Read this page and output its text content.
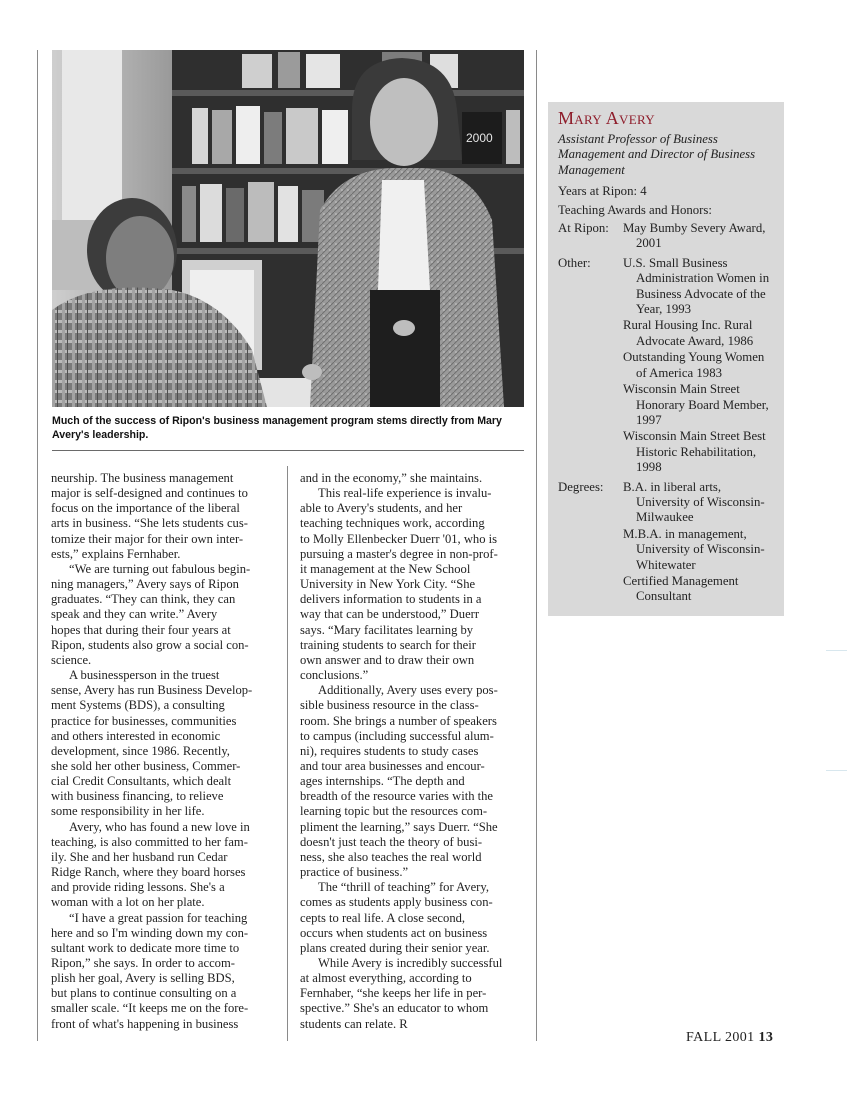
2000
Much of the success of Ripon's business management program stems directly from Mary Avery's leadership.
neurship. The business management
major is self-designed and continues to
focus on the importance of the liberal
arts in business. “She lets students cus-
tomize their major for their own inter-
ests,” explains Fernhaber.
“We are turning out fabulous begin-
ning managers,” Avery says of Ripon
graduates. “They can think, they can
speak and they can write.” Avery
hopes that during their four years at
Ripon, students also grow a social con-
science.
A businessperson in the truest
sense, Avery has run Business Develop-
ment Systems (BDS), a consulting
practice for businesses, communities
and others interested in economic
development, since 1986. Recently,
she sold her other business, Commer-
cial Credit Consultants, which dealt
with business financing, to relieve
some responsibility in her life.
Avery, who has found a new love in
teaching, is also committed to her fam-
ily. She and her husband run Cedar
Ridge Ranch, where they board horses
and provide riding lessons. She's a
woman with a lot on her plate.
“I have a great passion for teaching
here and so I'm winding down my con-
sultant work to dedicate more time to
Ripon,” she says. In order to accom-
plish her goal, Avery is selling BDS,
but plans to continue consulting on a
smaller scale. “It keeps me on the fore-
front of what's happening in business
and in the economy,” she maintains.
This real-life experience is invalu-
able to Avery's students, and her
teaching techniques work, according
to Molly Ellenbecker Duerr '01, who is
pursuing a master's degree in non-prof-
it management at the New School
University in New York City. “She
delivers information to students in a
way that can be understood,” Duerr
says. “Mary facilitates learning by
training students to search for their
own answer and to draw their own
conclusions.”
Additionally, Avery uses every pos-
sible business resource in the class-
room. She brings a number of speakers
to campus (including successful alum-
ni), requires students to study cases
and tour area businesses and encour-
ages internships. “The depth and
breadth of the resource varies with the
learning topic but the resources com-
pliment the learning,” says Duerr. “She
doesn't just teach the theory of busi-
ness, she also teaches the real world
practice of business.”
The “thrill of teaching” for Avery,
comes as students apply business con-
cepts to real life. A close second,
occurs when students act on business
plans created during their senior year.
While Avery is incredibly successful
at almost everything, according to
Fernhaber, “she keeps her life in per-
spective.” She's an educator to whom
students can relate. R
Mary Avery
Assistant Professor of Business Management and Director of Business Management
Years at Ripon: 4
Teaching Awards and Honors:
At Ripon:	May Bumby Severy Award, 2001
Other:	U.S. Small Business Administration Women in Business Advocate of the Year, 1993
Rural Housing Inc. Rural Advocate Award, 1986
Outstanding Young Women of America 1983
Wisconsin Main Street Honorary Board Member, 1997
Wisconsin Main Street Best Historic Rehabilitation, 1998
Degrees:	B.A. in liberal arts, University of Wisconsin-Milwaukee
M.B.A. in management, University of Wisconsin-Whitewater
Certified Management Consultant
FALL 2001 13
